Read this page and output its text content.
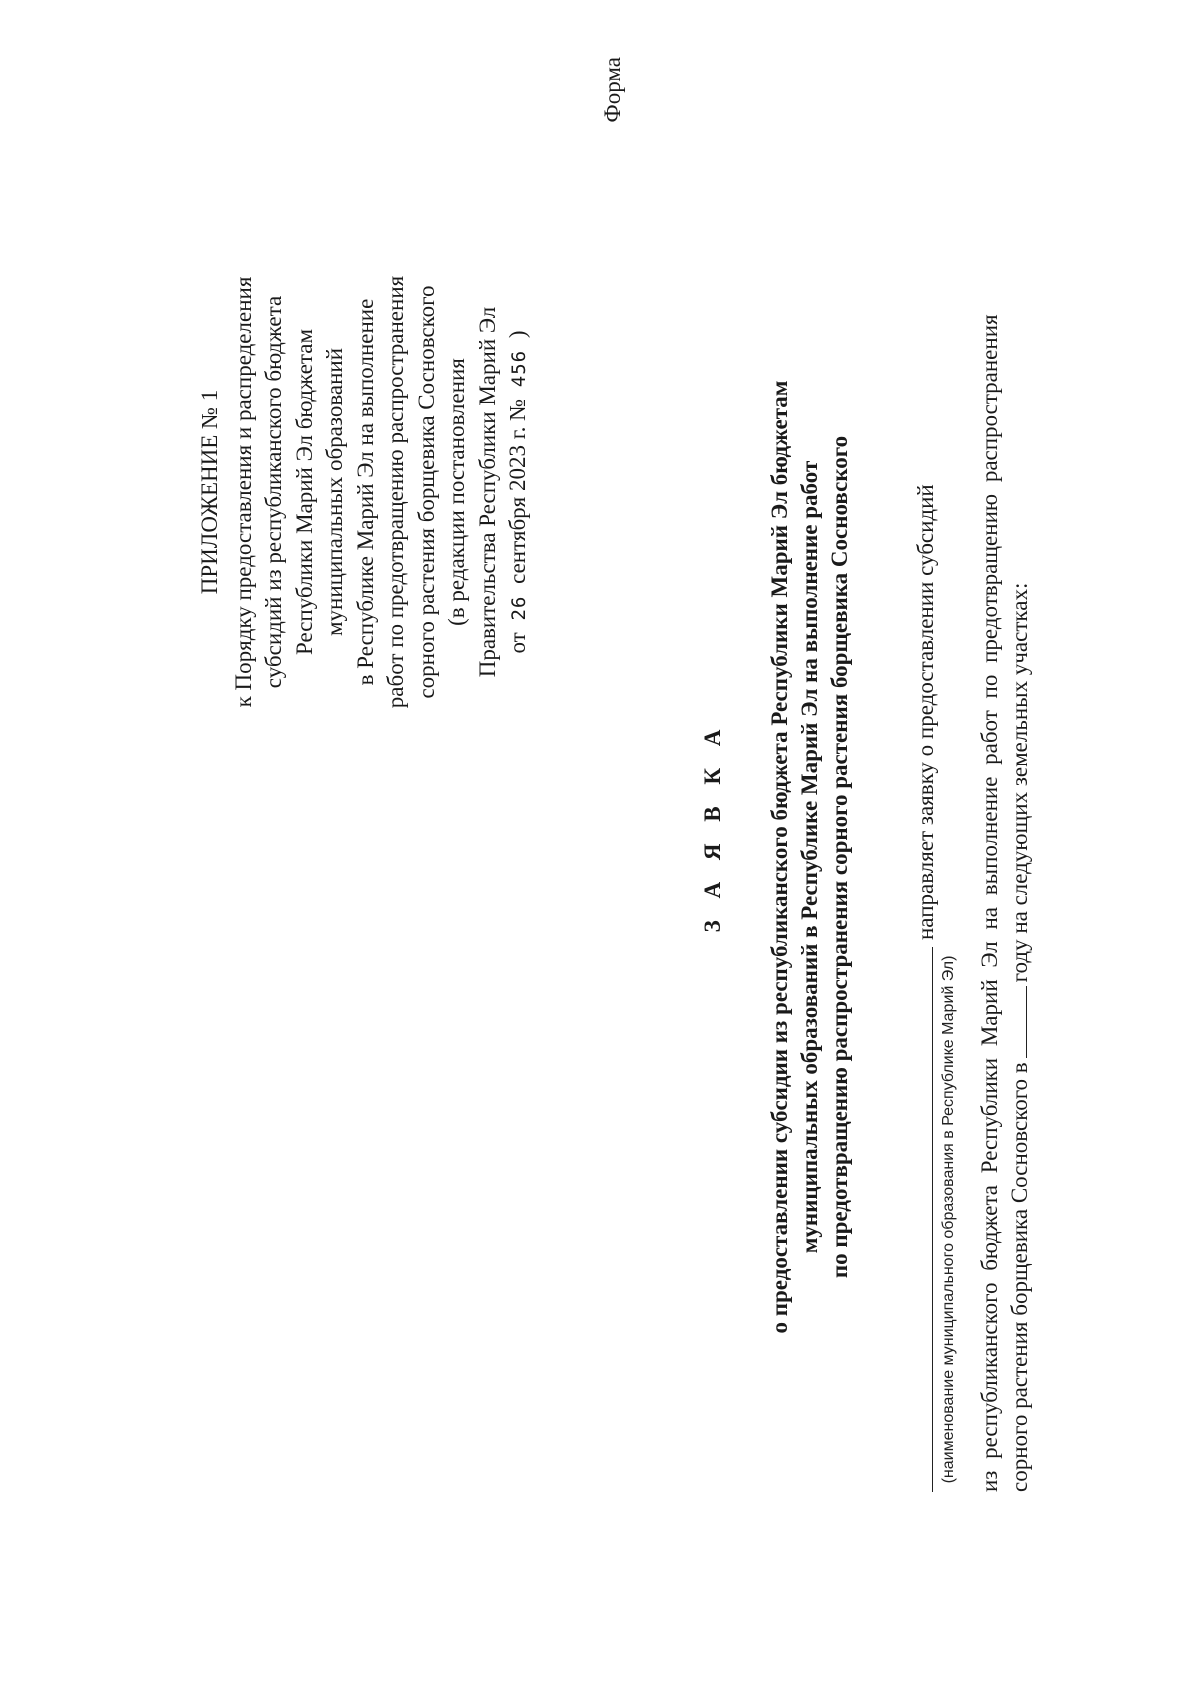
ПРИЛОЖЕНИЕ № 1 к Порядку предоставления и распределения субсидий из республиканского бюджета Республики Марий Эл бюджетам муниципальных образований в Республике Марий Эл на выполнение работ по предотвращению распространения сорного растения борщевика Сосновского (в редакции постановления Правительства Республики Марий Эл от 26 сентября 2023 г. № 456 )
Форма
З А Я В К А о предоставлении субсидии из республиканского бюджета Республики Марий Эл бюджетам муниципальных образований в Республике Марий Эл на выполнение работ по предотвращению распространения сорного растения борщевика Сосновского	(наименование муниципального образования в Республике Марий Эл)
направляет заявку о предоставлении субсидий из республиканского бюджета Республики Марий Эл на выполнение работ по предотвращению распространения сорного растения борщевика Сосновского вгоду на следующих земельных участках:
